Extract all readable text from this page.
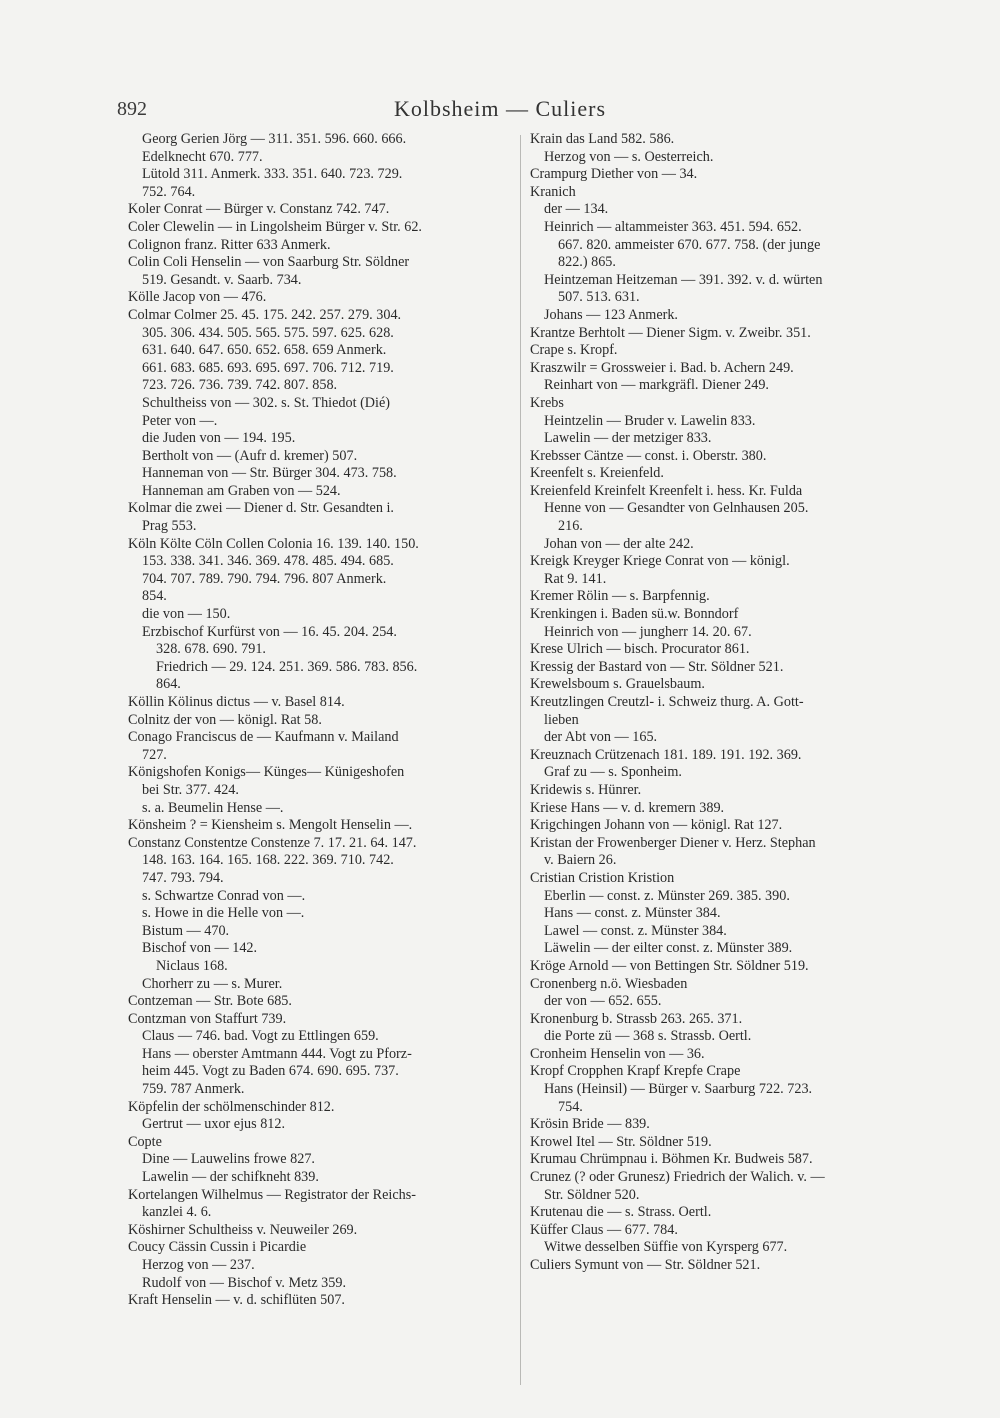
892	Kolbsheim — Culiers
Georg Gerien Jörg — 311. 351. 596. 660. 666.
Edelknecht 670. 777.
Lütold 311. Anmerk. 333. 351. 640. 723. 729.
752. 764.
Koler Conrat — Bürger v. Constanz 742. 747.
Coler Clewelin — in Lingolsheim Bürger v. Str. 62.
Colignon franz. Ritter 633 Anmerk.
Colin Coli Henselin — von Saarburg Str. Söldner
519. Gesandt. v. Saarb. 734.
Kölle Jacop von — 476.
Colmar Colmer 25. 45. 175. 242. 257. 279. 304.
305. 306. 434. 505. 565. 575. 597. 625. 628.
631. 640. 647. 650. 652. 658. 659 Anmerk.
661. 683. 685. 693. 695. 697. 706. 712. 719.
723. 726. 736. 739. 742. 807. 858.
Schultheiss von — 302. s. St. Thiedot (Dié)
Peter von —.
die Juden von — 194. 195.
Bertholt von — (Aufr d. kremer) 507.
Hanneman von — Str. Bürger 304. 473. 758.
Hanneman am Graben von — 524.
Kolmar die zwei — Diener d. Str. Gesandten i.
Prag 553.
Köln Költe Cöln Collen Colonia 16. 139. 140. 150.
153. 338. 341. 346. 369. 478. 485. 494. 685.
704. 707. 789. 790. 794. 796. 807 Anmerk.
854.
die von — 150.
Erzbischof Kurfürst von — 16. 45. 204. 254.
328. 678. 690. 791.
Friedrich — 29. 124. 251. 369. 586. 783. 856.
864.
Köllin Kölinus dictus — v. Basel 814.
Colnitz der von — königl. Rat 58.
Conago Franciscus de — Kaufmann v. Mailand
727.
Königshofen Konigs— Künges— Künigeshofen
bei Str. 377. 424.
s. a. Beumelin Hense —.
Könsheim ? = Kiensheim s. Mengolt Henselin —.
Constanz Constentze Constenze 7. 17. 21. 64. 147.
148. 163. 164. 165. 168. 222. 369. 710. 742.
747. 793. 794.
s. Schwartze Conrad von —.
s. Howe in die Helle von —.
Bistum — 470.
Bischof von — 142.
Niclaus 168.
Chorherr zu — s. Murer.
Contzeman — Str. Bote 685.
Contzman von Staffurt 739.
Claus — 746. bad. Vogt zu Ettlingen 659.
Hans — oberster Amtmann 444. Vogt zu Pforz-
heim 445. Vogt zu Baden 674. 690. 695. 737.
759. 787 Anmerk.
Köpfelin der schölmenschinder 812.
Gertrut — uxor ejus 812.
Copte
Dine — Lauwelins frowe 827.
Lawelin — der schifkneht 839.
Kortelangen Wilhelmus — Registrator der Reichs-
kanzlei 4. 6.
Köshirner Schultheiss v. Neuweiler 269.
Coucy Cässin Cussin i Picardie
Herzog von — 237.
Rudolf von — Bischof v. Metz 359.
Kraft Henselin — v. d. schiflüten 507.
Krain das Land 582. 586.
Herzog von — s. Oesterreich.
Crampurg Diether von — 34.
Kranich
der — 134.
Heinrich — altammeister 363. 451. 594. 652.
667. 820. ammeister 670. 677. 758. (der junge
822.) 865.
Heintzeman Heitzeman — 391. 392. v. d. würten
507. 513. 631.
Johans — 123 Anmerk.
Krantze Berhtolt — Diener Sigm. v. Zweibr. 351.
Crape s. Kropf.
Kraszwilr = Grossweier i. Bad. b. Achern 249.
Reinhart von — markgräfl. Diener 249.
Krebs
Heintzelin — Bruder v. Lawelin 833.
Lawelin — der metziger 833.
Krebsser Cäntze — const. i. Oberstr. 380.
Kreenfelt s. Kreienfeld.
Kreienfeld Kreinfelt Kreenfelt i. hess. Kr. Fulda
Henne von — Gesandter von Gelnhausen 205.
216.
Johan von — der alte 242.
Kreigk Kreyger Kriege Conrat von — königl.
Rat 9. 141.
Kremer Rölin — s. Barpfennig.
Krenkingen i. Baden sü.w. Bonndorf
Heinrich von — jungherr 14. 20. 67.
Krese Ulrich — bisch. Procurator 861.
Kressig der Bastard von — Str. Söldner 521.
Krewelsboum s. Grauelsbaum.
Kreutzlingen Creutzl- i. Schweiz thurg. A. Gott-
lieben
der Abt von — 165.
Kreuznach Crützenach 181. 189. 191. 192. 369.
Graf zu — s. Sponheim.
Kridewis s. Hünrer.
Kriese Hans — v. d. kremern 389.
Krigchingen Johann von — königl. Rat 127.
Kristan der Frowenberger Diener v. Herz. Stephan
v. Baiern 26.
Cristian Cristion Kristion
Eberlin — const. z. Münster 269. 385. 390.
Hans — const. z. Münster 384.
Lawel — const. z. Münster 384.
Läwelin — der eilter const. z. Münster 389.
Kröge Arnold — von Bettingen Str. Söldner 519.
Cronenberg n.ö. Wiesbaden
der von — 652. 655.
Kronenburg b. Strassb 263. 265. 371.
die Porte zü — 368 s. Strassb. Oertl.
Cronheim Henselin von — 36.
Kropf Cropphen Krapf Krepfe Crape
Hans (Heinsil) — Bürger v. Saarburg 722. 723.
754.
Krösin Bride — 839.
Krowel Itel — Str. Söldner 519.
Krumau Chrümpnau i. Böhmen Kr. Budweis 587.
Crunez (? oder Grunesz) Friedrich der Walich. v. —
Str. Söldner 520.
Krutenau die — s. Strass. Oertl.
Küffer Claus — 677. 784.
Witwe desselben Süffie von Kyrsperg 677.
Culiers Symunt von — Str. Söldner 521.
